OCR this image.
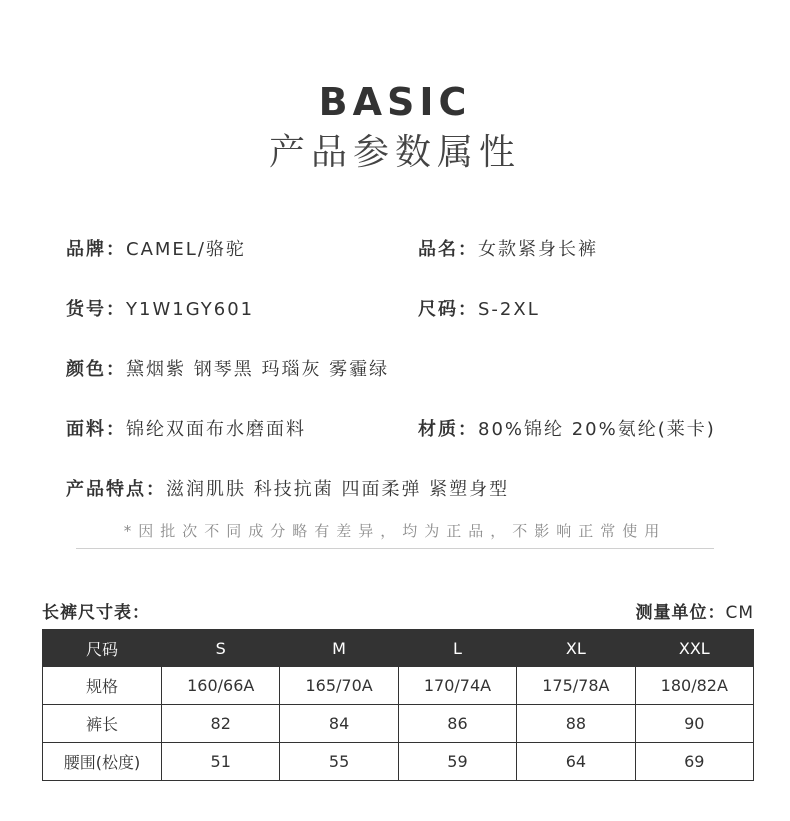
BASIC
产品参数属性
品牌：CAMEL/骆驼	品名：女款紧身长裤
货号：Y1W1GY601	尺码：S-2XL
颜色：黛烟紫 钢琴黑 玛瑙灰 雾霾绿
面料：锦纶双面布水磨面料	材质：80%锦纶 20%氨纶(莱卡)
产品特点：滋润肌肤 科技抗菌 四面柔弹 紧塑身型
*因批次不同成分略有差异，均为正品，不影响正常使用
长裤尺寸表：	测量单位：CM
尺码	S	M	L	XL	XXL
规格	160/66A	165/70A	170/74A	175/78A	180/82A
裤长	82	84	86	88	90
腰围(松度)	51	55	59	64	69
